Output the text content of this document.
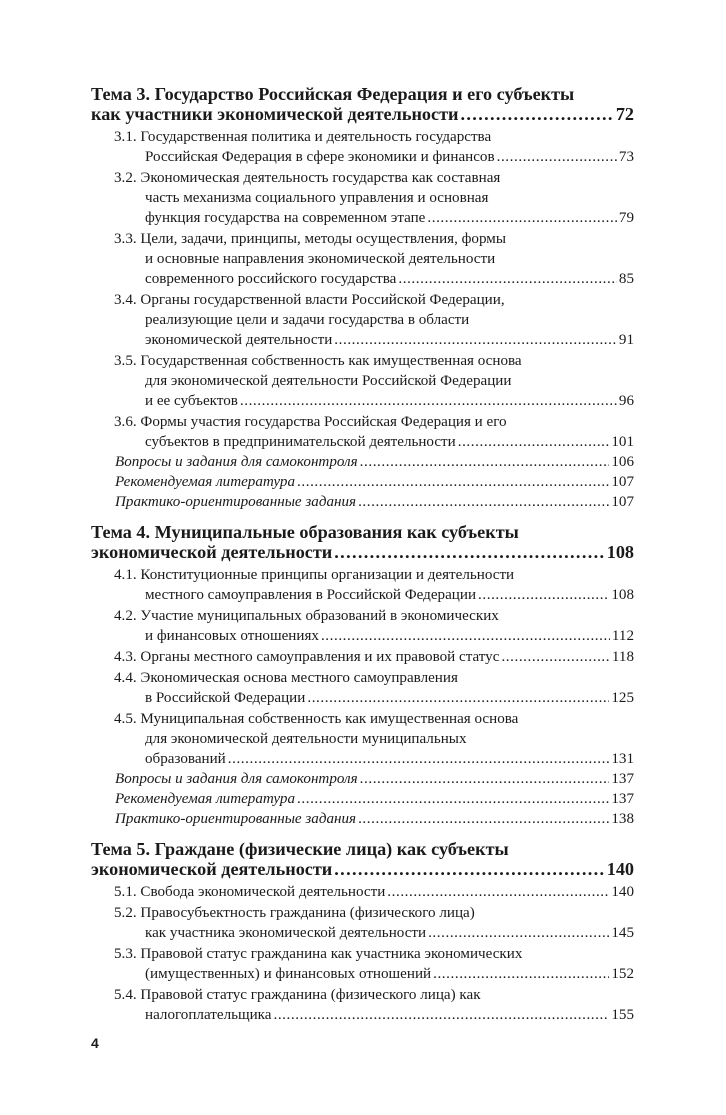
Тема 3. Государство Российская Федерация и его субъекты
как участники экономической деятельности . . .	72
3.1. Государственная политика и деятельность государства
Российская Федерация в сфере экономики и финансов . . .	73
3.2. Экономическая деятельность государства как составная
часть механизма социального управления и основная
функция государства на современном этапе . . .	79
3.3. Цели, задачи, принципы, методы осуществления, формы
и основные направления экономической деятельности
современного российского государства . . .	85
3.4. Органы государственной власти Российской Федерации,
реализующие цели и задачи государства в области
экономической деятельности . . .	91
3.5. Государственная собственность как имущественная основа
для экономической деятельности Российской Федерации
и ее субъектов . . .	96
3.6. Формы участия государства Российская Федерация и его
субъектов в предпринимательской деятельности . . .	101
Вопросы и задания для самоконтроля . . .	106
Рекомендуемая литература . . .	107
Практико-ориентированные задания . . .	107
Тема 4. Муниципальные образования как субъекты
экономической деятельности . . .	108
4.1. Конституционные принципы организации и деятельности
местного самоуправления в Российской Федерации . . .	108
4.2. Участие муниципальных образований в экономических
и финансовых отношениях . . .	112
4.3. Органы местного самоуправления и их правовой статус . . .	118
4.4. Экономическая основа местного самоуправления
в Российской Федерации . . .	125
4.5. Муниципальная собственность как имущественная основа
для экономической деятельности муниципальных
образований . . .	131
Вопросы и задания для самоконтроля . . .	137
Рекомендуемая литература . . .	137
Практико-ориентированные задания . . .	138
Тема 5. Граждане (физические лица) как субъекты
экономической деятельности . . .	140
5.1. Свобода экономической деятельности . . .	140
5.2. Правосубъектность гражданина (физического лица)
как участника экономической деятельности . . .	145
5.3. Правовой статус гражданина как участника экономических
(имущественных) и финансовых отношений . . .	152
5.4. Правовой статус гражданина (физического лица) как
налогоплательщика . . .	155
4
